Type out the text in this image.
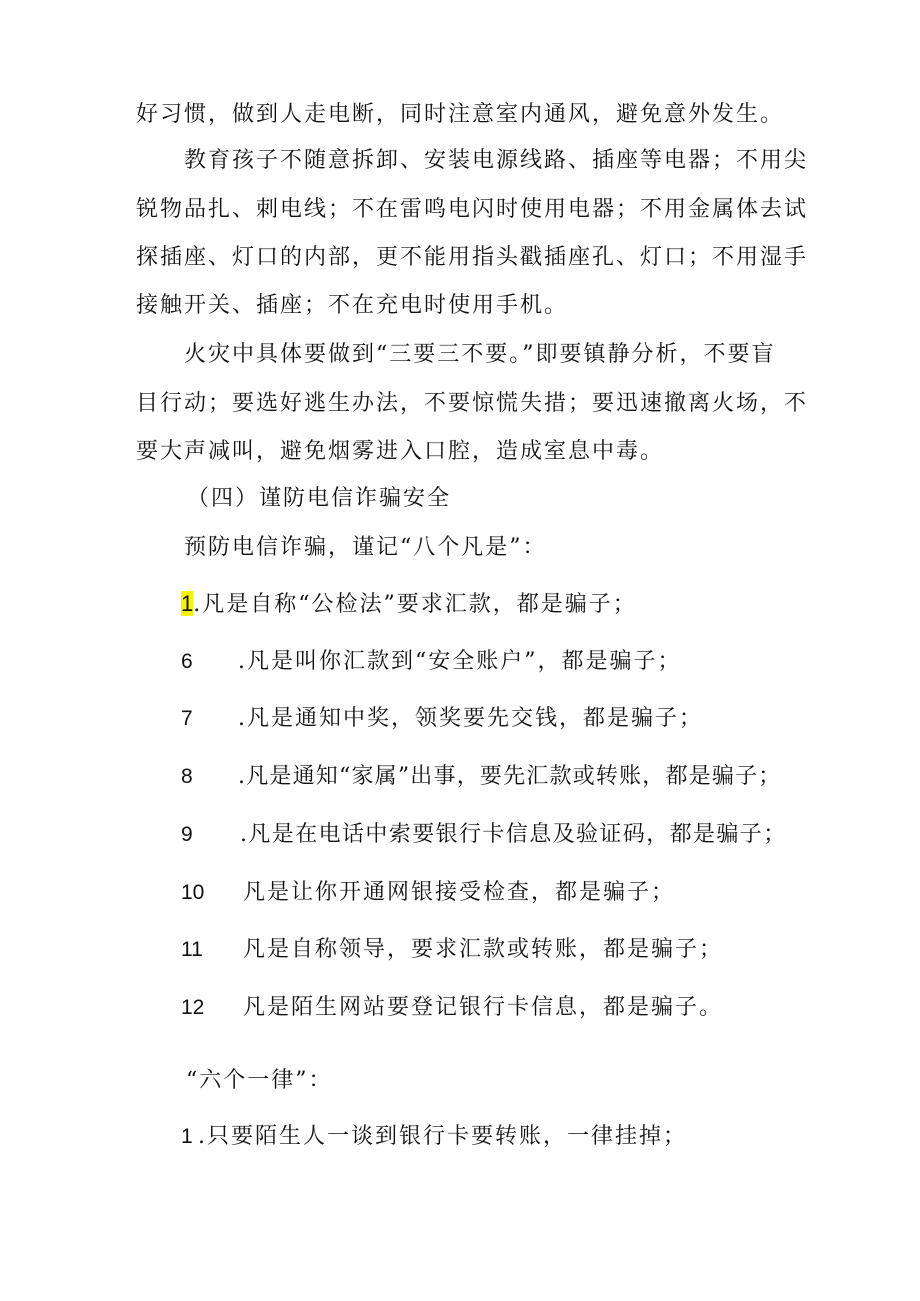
好习惯，做到人走电断，同时注意室内通风，避免意外发生。
教育孩子不随意拆卸、安装电源线路、插座等电器；不用尖
锐物品扎、刺电线；不在雷鸣电闪时使用电器；不用金属体去试
探插座、灯口的内部，更不能用指头戳插座孔、灯口；不用湿手
接触开关、插座；不在充电时使用手机。
火灾中具体要做到“三要三不要。”即要镇静分析，不要盲
目行动；要选好逃生办法，不要惊慌失措；要迅速撤离火场，不
要大声减叫，避免烟雾进入口腔，造成室息中毒。
（四）谨防电信诈骗安全
预防电信诈骗，谨记“八个凡是”：
1.凡是自称“公检法”要求汇款，都是骗子；
6 .凡是叫你汇款到“安全账户”，都是骗子；
7 .凡是通知中奖，领奖要先交钱，都是骗子；
8 .凡是通知“家属”出事，要先汇款或转账，都是骗子；
9 .凡是在电话中索要银行卡信息及验证码，都是骗子；
10 凡是让你开通网银接受检查，都是骗子；
11 凡是自称领导，要求汇款或转账，都是骗子；
12 凡是陌生网站要登记银行卡信息，都是骗子。
“六个一律”：
1 .只要陌生人一谈到银行卡要转账，一律挂掉；
